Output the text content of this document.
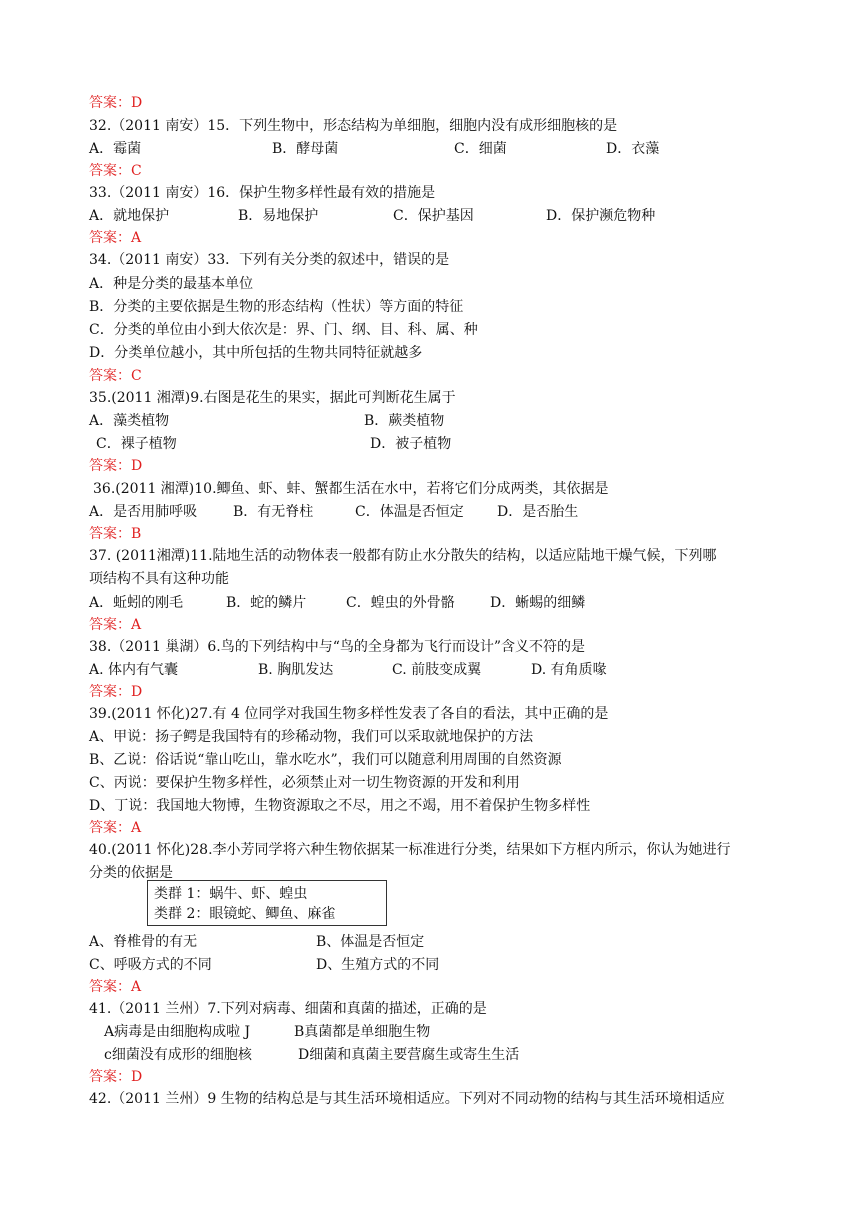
答案：D
32.（2011 南安）15．下列生物中，形态结构为单细胞，细胞内没有成形细胞核的是
A．霉菌	B．酵母菌	C．细菌	D．衣藻
答案：C
33.（2011 南安）16．保护生物多样性最有效的措施是
A．就地保护	B．易地保护	C．保护基因	D．保护濒危物种
答案：A
34.（2011 南安）33．下列有关分类的叙述中，错误的是
A．种是分类的最基本单位
B．分类的主要依据是生物的形态结构（性状）等方面的特征
C．分类的单位由小到大依次是：界、门、纲、目、科、属、种
D．分类单位越小，其中所包括的生物共同特征就越多
答案：C
35.(2011 湘潭)9.右图是花生的果实，据此可判断花生属于
A．藻类植物	B．蕨类植物
C．裸子植物	D．被子植物
答案：D
36.(2011 湘潭)10.鲫鱼、虾、蚌、蟹都生活在水中，若将它们分成两类，其依据是
A．是否用肺呼吸	B．有无脊柱	C．体温是否恒定 D．是否胎生
答案：B
37. (2011湘潭)11.陆地生活的动物体表一般都有防止水分散失的结构，以适应陆地干燥气候，下列哪
项结构不具有这种功能
A．蚯蚓的刚毛	B．蛇的鳞片	C．蝗虫的外骨骼	D．蜥蜴的细鳞
答案：A
38.（2011 巢湖）6.鸟的下列结构中与“鸟的全身都为飞行而设计”含义不符的是
A. 体内有气囊	B. 胸肌发达	C. 前肢变成翼	D. 有角质喙
答案：D
39.(2011 怀化)27.有 4 位同学对我国生物多样性发表了各自的看法，其中正确的是
A、甲说：扬子鳄是我国特有的珍稀动物，我们可以采取就地保护的方法
B、乙说：俗话说“靠山吃山，靠水吃水”，我们可以随意利用周围的自然资源
C、丙说：要保护生物多样性，必须禁止对一切生物资源的开发和利用
D、丁说：我国地大物博，生物资源取之不尽，用之不竭，用不着保护生物多样性
答案：A
40.(2011 怀化)28.李小芳同学将六种生物依据某一标准进行分类，结果如下方框内所示，你认为她进行
分类的依据是
类群 1：蜗牛、虾、蝗虫
类群 2：眼镜蛇、鲫鱼、麻雀
A、脊椎骨的有无	B、体温是否恒定
C、呼吸方式的不同	D、生殖方式的不同
答案：A
41.（2011 兰州）7.下列对病毒、细菌和真菌的描述，正确的是
A病毒是由细胞构成啦 J	B真菌都是单细胞生物
c细菌没有成形的细胞核	D细菌和真菌主要营腐生或寄生生活
答案：D
42.（2011 兰州）9 生物的结构总是与其生活环境相适应。下列对不同动物的结构与其生活环境相适应
